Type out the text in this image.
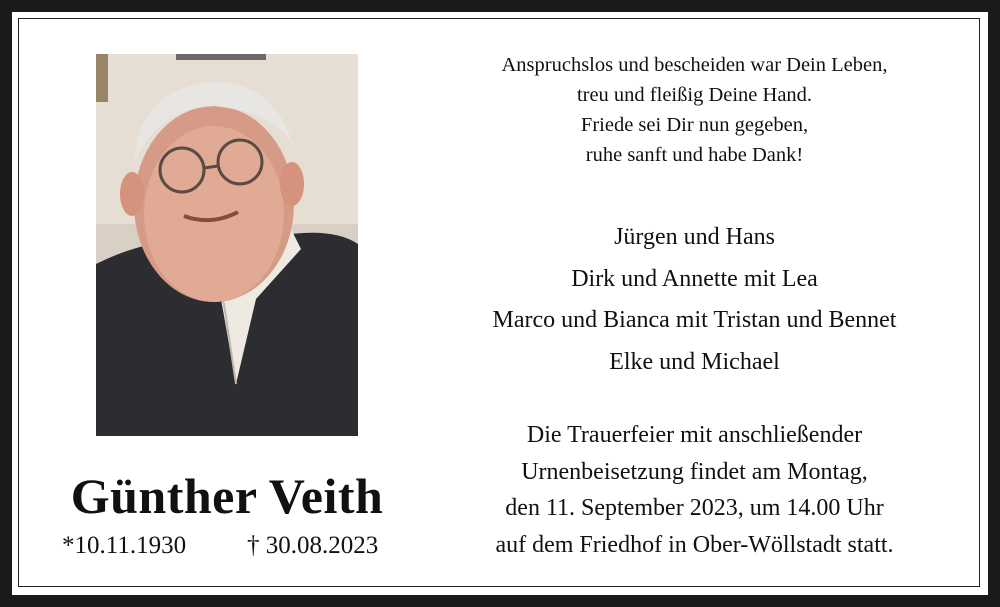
Günther Veith
*10.11.1930 † 30.08.2023
Anspruchslos und bescheiden war Dein Leben,
treu und fleißig Deine Hand.
Friede sei Dir nun gegeben,
ruhe sanft und habe Dank!
Jürgen und Hans
Dirk und Annette mit Lea
Marco und Bianca mit Tristan und Bennet
Elke und Michael
Die Trauerfeier mit anschließender
Urnenbeisetzung findet am Montag,
den 11. September 2023, um 14.00 Uhr
auf dem Friedhof in Ober-Wöllstadt statt.
